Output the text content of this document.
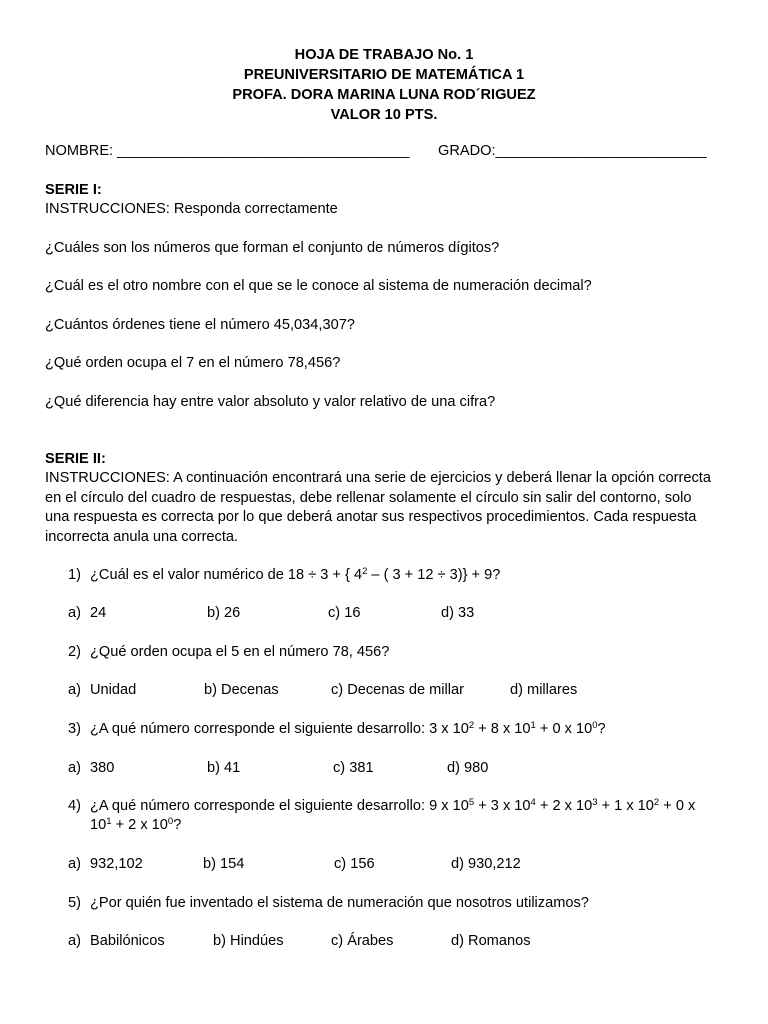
HOJA DE TRABAJO No. 1
PREUNIVERSITARIO DE MATEMÁTICA 1
PROFA. DORA MARINA LUNA ROD´RIGUEZ
VALOR 10 PTS.
NOMBRE: ____________________________________ GRADO:__________________________
SERIE I:
INSTRUCCIONES: Responda correctamente
¿Cuáles son los números que forman el conjunto de números dígitos?
¿Cuál es el otro nombre con el que se le conoce al sistema de numeración decimal?
¿Cuántos órdenes tiene el número 45,034,307?
¿Qué orden ocupa el 7 en el número 78,456?
¿Qué diferencia hay entre valor absoluto y valor relativo de una cifra?
SERIE II:
INSTRUCCIONES: A continuación encontrará una serie de ejercicios y deberá llenar la opción correcta
en el círculo del cuadro de respuestas, debe rellenar solamente el círculo sin salir del contorno, solo
una respuesta es correcta por lo que deberá anotar sus respectivos procedimientos. Cada respuesta
incorrecta anula una correcta.
1) ¿Cuál es el valor numérico de 18 ÷ 3 + { $4^2$ – ( 3 + 12 ÷ 3)} + 9?
a) 24	b) 26	c) 16	d) 33
2) ¿Qué orden ocupa el 5 en el número 78, 456?
a) Unidad	b) Decenas	c) Decenas de millar	d) millares
3) ¿A qué número corresponde el siguiente desarrollo: 3 x $10^2 + 8$ x $10^1 + 0$ x $10^0$?
a) 380	b) 41	c) 381	d) 980
4) ¿A qué número corresponde el siguiente desarrollo: 9 x $10^5 + 3$ x $10^4 + 2$ x $10^3 + 1$ x $10^2 + 0$ x
$10^1 + 2$ x $10^0$?
a) 932,102	b) 154	c) 156	d) 930,212
5) ¿Por quién fue inventado el sistema de numeración que nosotros utilizamos?
a) Babilónicos	b) Hindúes	c) Árabes	d) Romanos
